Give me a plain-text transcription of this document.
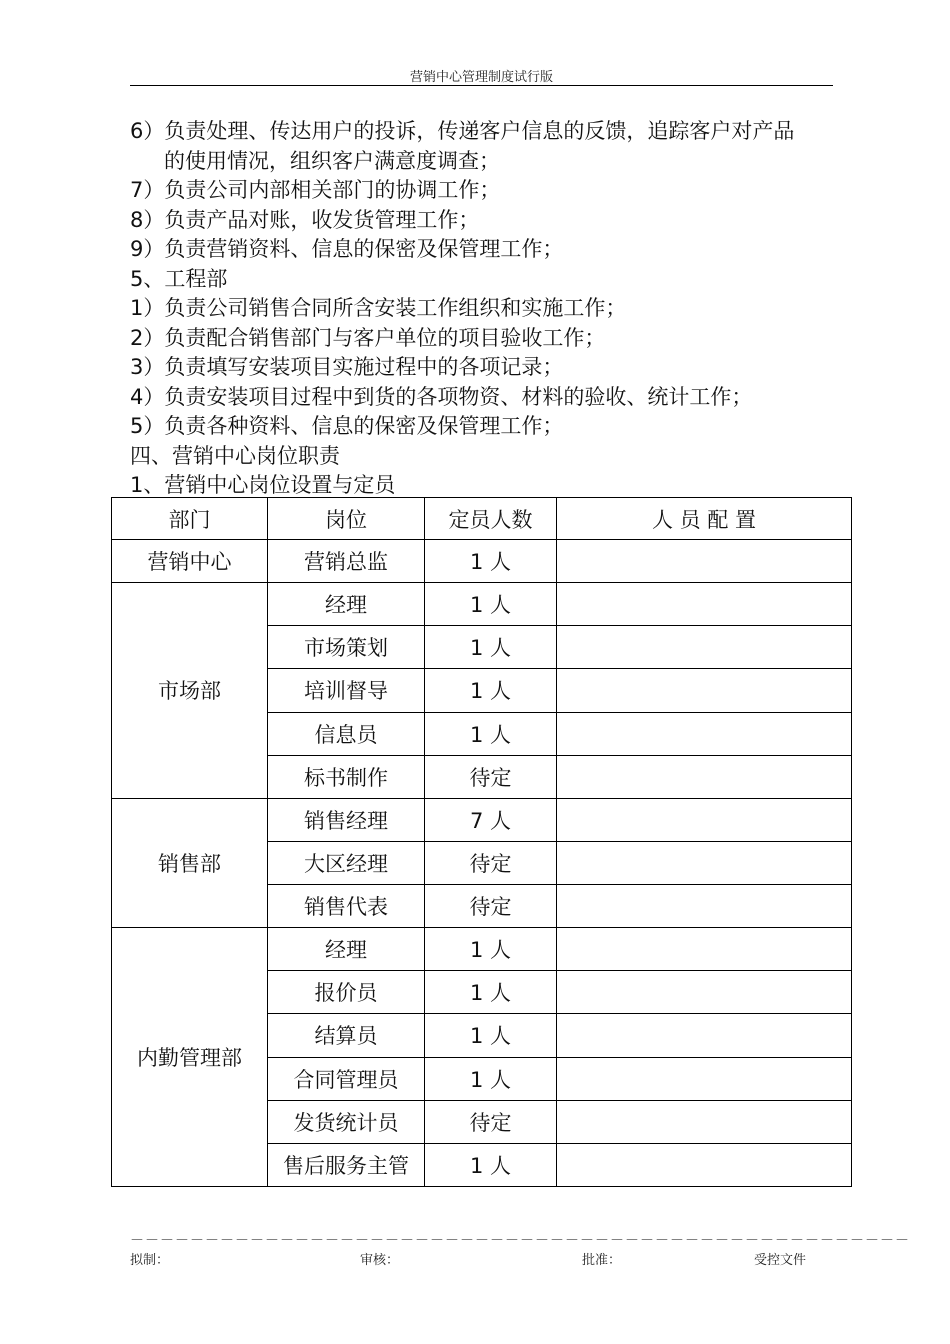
营销中心管理制度试行版
6）负责处理、传达用户的投诉，传递客户信息的反馈，追踪客户对产品
的使用情况，组织客户满意度调查；
7）负责公司内部相关部门的协调工作；
8）负责产品对账，收发货管理工作；
9）负责营销资料、信息的保密及保管理工作；
5、工程部
1）负责公司销售合同所含安装工作组织和实施工作；
2）负责配合销售部门与客户单位的项目验收工作；
3）负责填写安装项目实施过程中的各项记录；
4）负责安装项目过程中到货的各项物资、材料的验收、统计工作；
5）负责各种资料、信息的保密及保管理工作；
四、营销中心岗位职责
1、营销中心岗位设置与定员
部门	岗位	定员人数	人 员 配 置
营销中心	营销总监	1 人	
市场部	经理	1 人	
	市场策划	1 人	
	培训督导	1 人	
	信息员	1 人	
	标书制作	待定	
销售部	销售经理	7 人	
	大区经理	待定	
	销售代表	待定	
内勤管理部	经理	1 人	
	报价员	1 人	
	结算员	1 人	
	合同管理员	1 人	
	发货统计员	待定	
	售后服务主管	1 人	
－－－－－－－－－－－－－－－－－－－－－－－－－－－－－－－－－－－－－－－－－－－－－－－－－－－－
拟制：	审核：	批准：	受控文件
